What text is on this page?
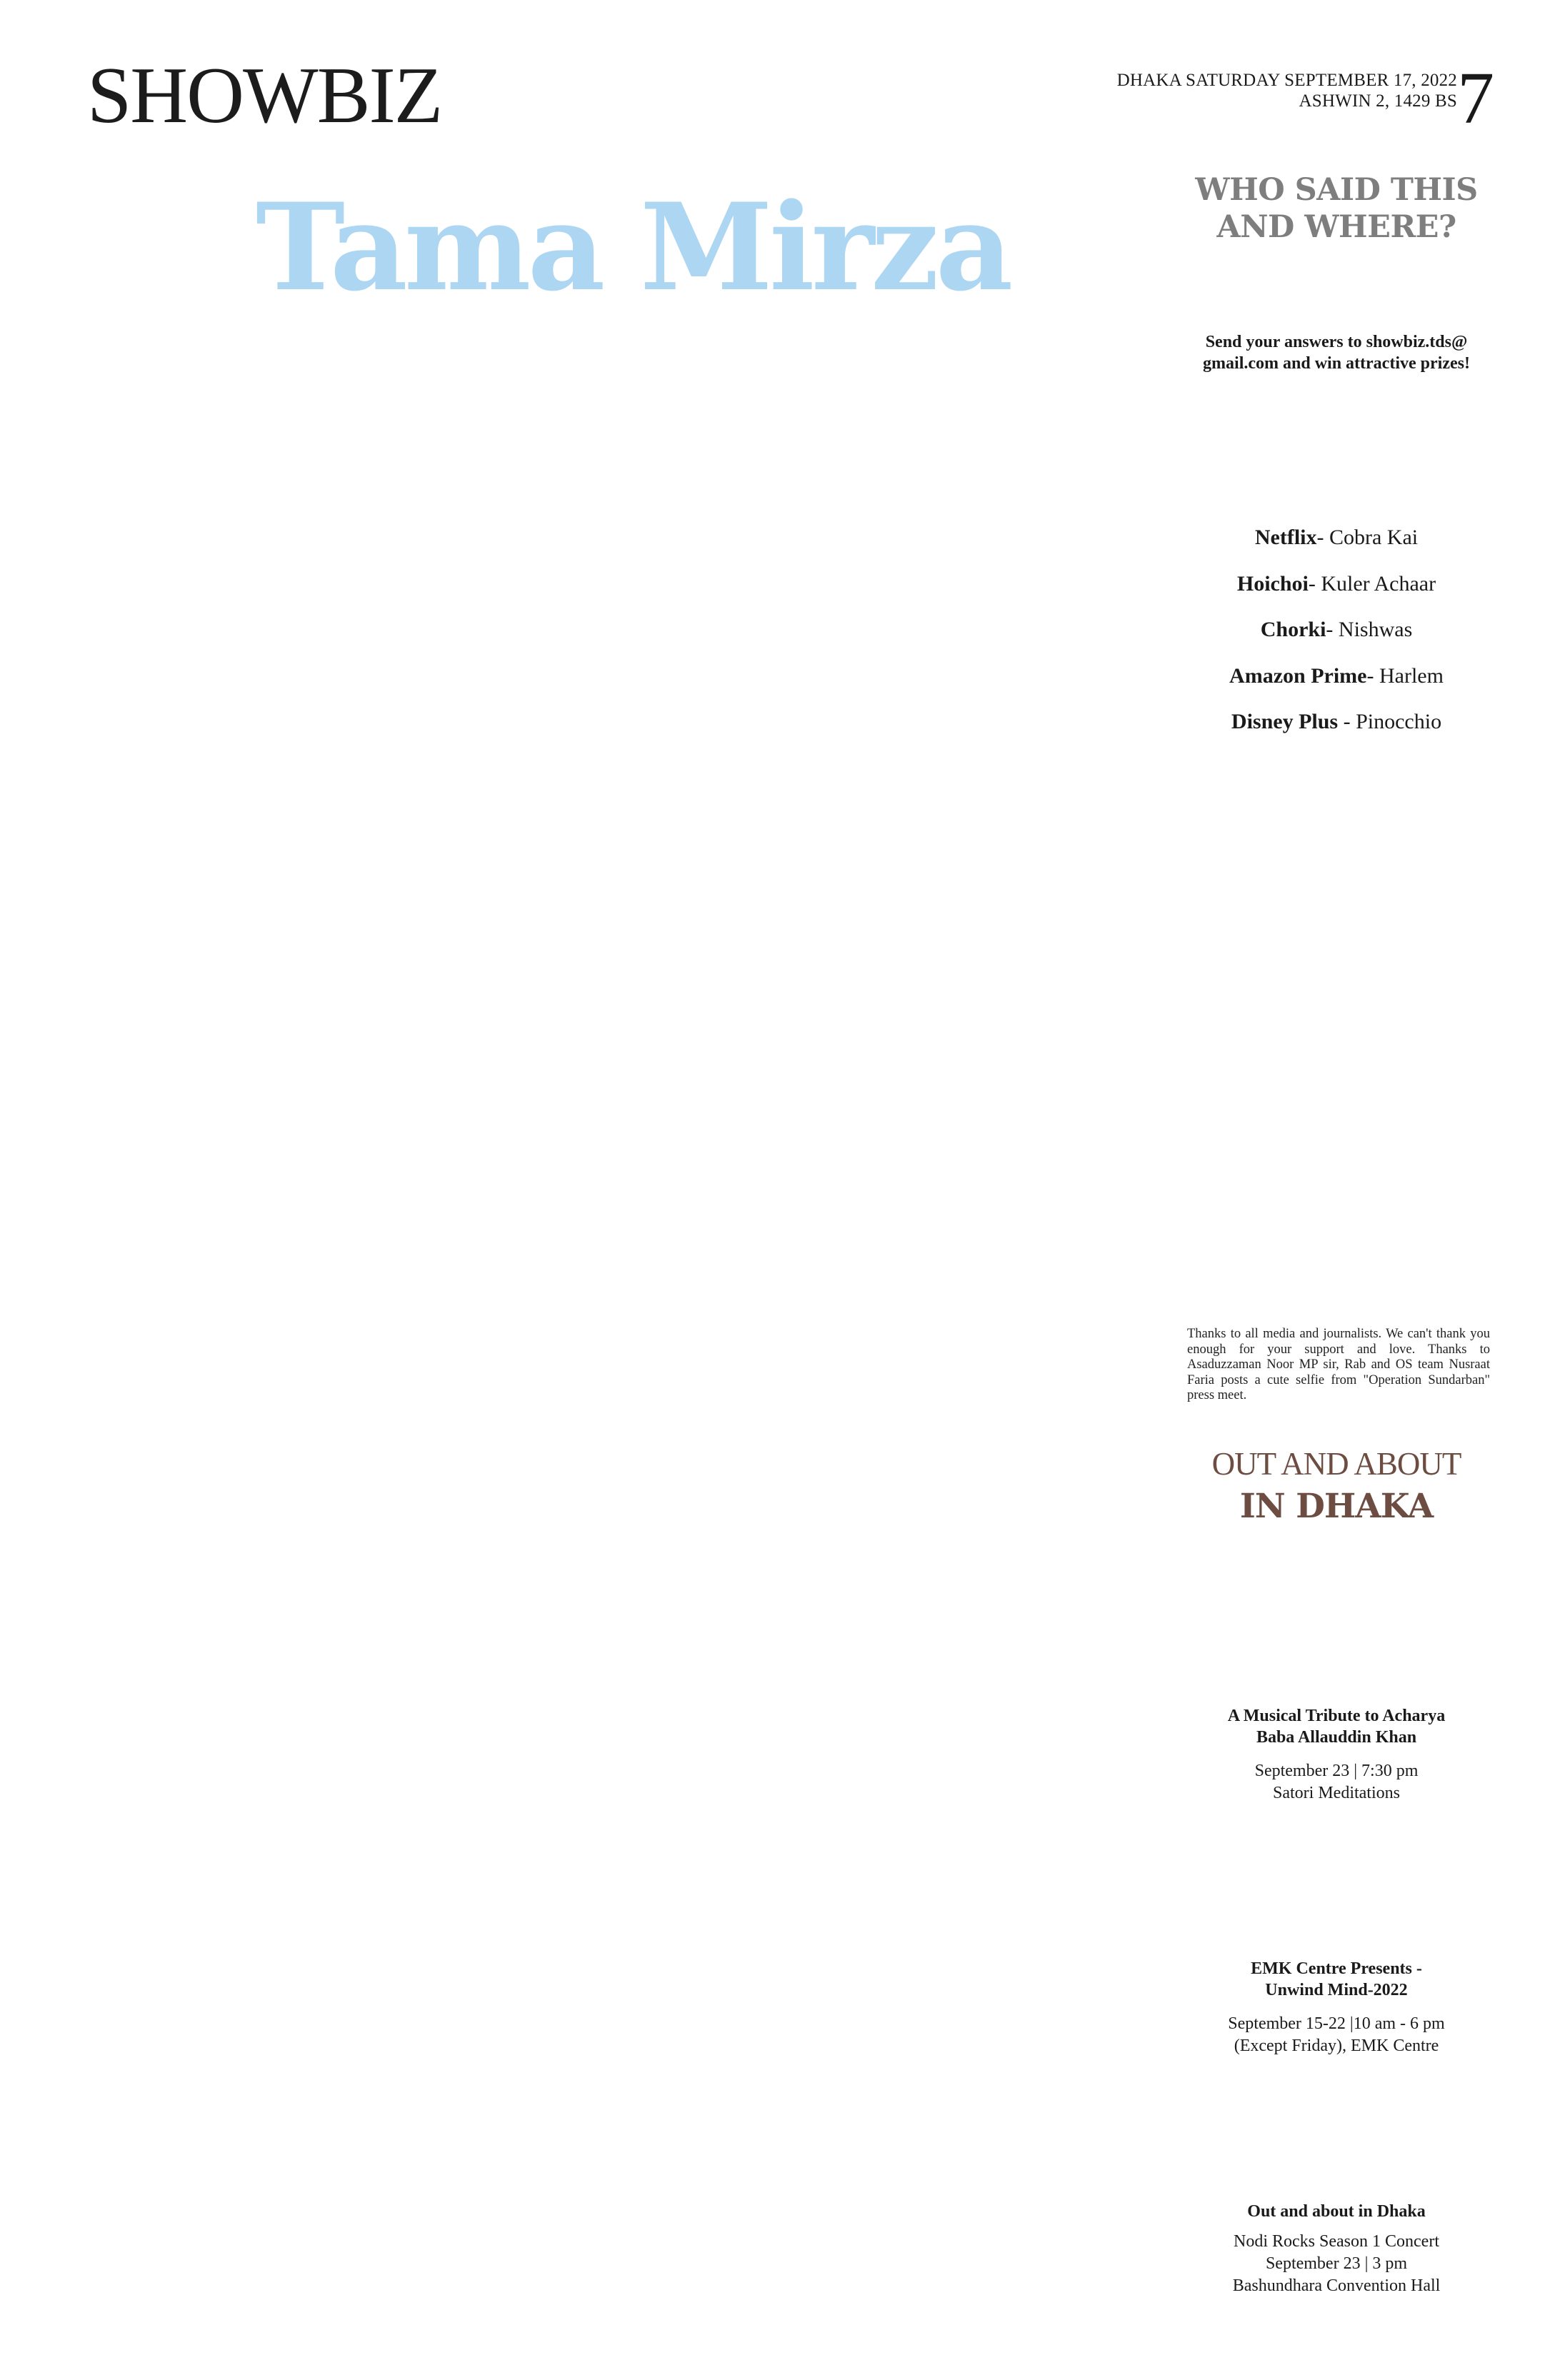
SHOWBIZ	DHAKA SATURDAY SEPTEMBER 17, 2022
ASHWIN 2, 1429 BS 7
Tama Mirza	WHO SAID THIS
AND WHERE?
Send your answers to showbiz.tds@
gmail.com and win attractive prizes!
Netflix- Cobra Kai
Hoichoi- Kuler Achaar
Chorki- Nishwas
Amazon Prime- Harlem
Disney Plus - Pinocchio
Thanks to all media and journalists. We can't thank you enough for your support and love. Thanks to Asaduzzaman Noor MP sir, Rab and OS team Nusraat Faria posts a cute selfie from "Operation Sundarban" press meet.
OUT AND ABOUT
IN DHAKA
A Musical Tribute to Acharya
Baba Allauddin Khan
September 23 | 7:30 pm
Satori Meditations
EMK Centre Presents -
Unwind Mind-2022
September 15-22 |10 am - 6 pm
(Except Friday), EMK Centre
Out and about in Dhaka
Nodi Rocks Season 1 Concert
September 23 | 3 pm
Bashundhara Convention Hall
